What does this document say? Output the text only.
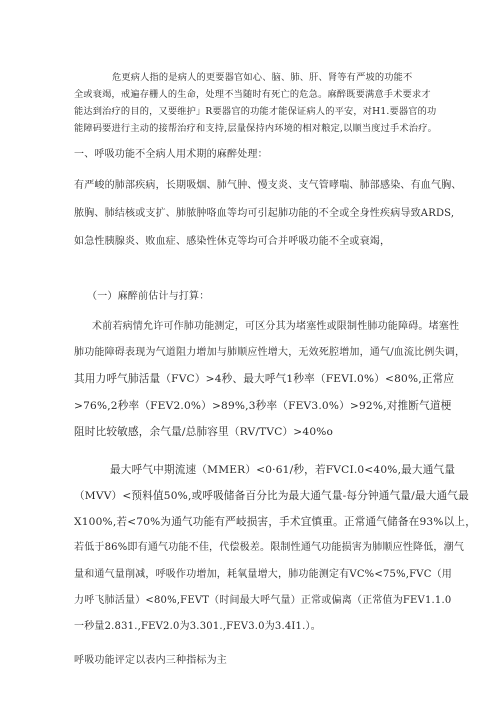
危更病人指的是病人的更要器官如心、脑、肺、肝、肾等有严坡的功能不
全或衰竭，戒遍存栅人的生命，处理不当随时有死亡的危急。麻醉既要满意手术要求才
能达到治疗的目的，又要维护」R要器官的功能才能保证病人的平安，对H1.要器官的功
能障码要进行主动的接帮治疗和支持,层量保持内环境的相对粮定,以顺当度过手术治疗。
一、呼吸功能不全病人用术期的麻醉处理：
有严峻的肺部疾病，长期吸烟、肺气肿、慢支炎、支气管哮喘、肺部感染、有血气胸、
脓胸、肺结核或支扩、肺脓肿咯血等均可引起肺功能的不全或全身性疾病导致ARDS,
如急性胰腺炎、败血症、感染性休克等均可合并呼吸功能不全或衰竭，
（一）麻醉前估计与打算：
术前若病情允许可作肺功能测定，可区分其为堵塞性或限制性肺功能障碍。堵塞性
肺功能障碍表现为气道阻力增加与肺顺应性增大，无效死腔增加，通气/血流比例失调，
其用力呼气肺活量（FVC）>4秒、最大呼气1秒率（FEVI.0%）<80%,正常应
>76%,2秒率（FEV2.0%）>89%,3秒率（FEV3.0%）>92%,对推断气道梗
阻时比较敏感，余气量/总肺容里（RV/TVC）>40%o
最大呼气中期流速（MMER）<0·61/秒，若FVCI.0<40%,最大通气量
（MVV）<预料值50%,或呼吸储备百分比为最大通气量-每分钟通气量/最大通气最
X100%,若<70%为通气功能有严岐损害，手术宜慎重。正常通气储备在93%以上，
若低于86%即有通气功能不佳，代偿极差。限制性通气功能损害为肺顺应性降低，潮气
量和通气量削减，呼吸作功增加，耗氧量增大，肺功能测定有VC%<75%,FVC（用
力呼飞肺活量）<80%,FEVT（时间最大呼气量）正常或偏离（正常值为FEV1.1.0
一秒量2.831.,FEV2.0为3.301.,FEV3.0为3.4I1.）。
呼吸功能评定以表内三种指标为主
